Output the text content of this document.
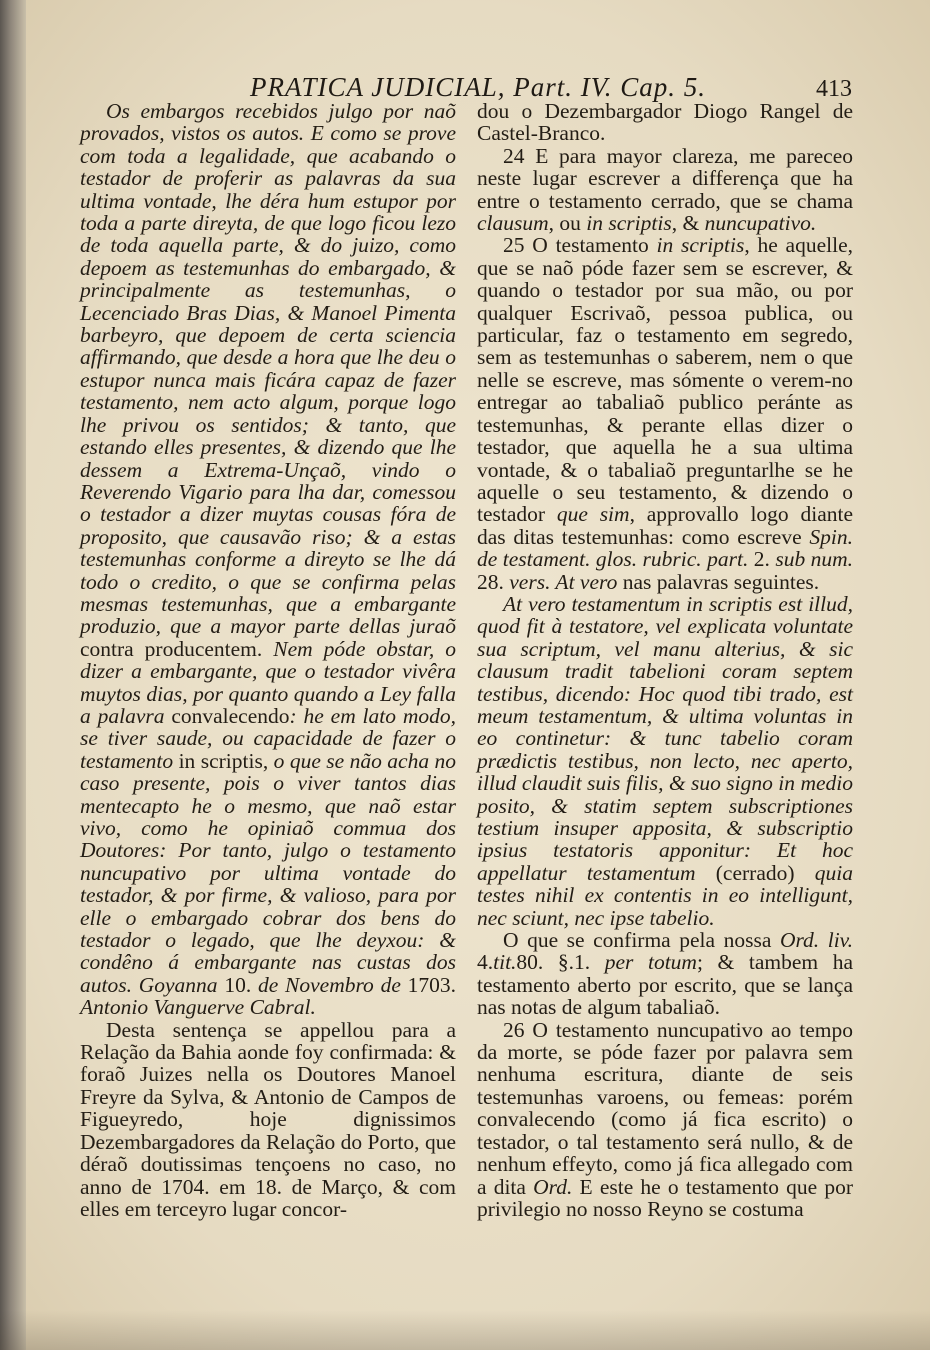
PRATICA JUDICIAL, Part. IV. Cap. 5.	413

Os embargos recebidos julgo por naõ provados, vistos os autos. E como se prove com toda a legalidade, que acabando o testador de proferir as palavras da sua ultima vontade, lhe déra hum estupor por toda a parte direyta, de que logo ficou lezo de toda aquella parte, & do juizo, como depoem as testemunhas do embargado, & principalmente as testemunhas, o Lecenciado Bras Dias, & Manoel Pimenta barbeyro, que depoem de certa sciencia affirmando, que desde a hora que lhe deu o estupor nunca mais ficára capaz de fazer testamento, nem acto algum, porque logo lhe privou os sentidos; & tanto, que estando elles presentes, & dizendo que lhe dessem a Extrema-Unçaõ, vindo o Reverendo Vigario para lha dar, comessou o testador a dizer muytas cousas fóra de proposito, que causavão riso; & a estas testemunhas conforme a direyto se lhe dá todo o credito, o que se confirma pelas mesmas testemunhas, que a embargante produzio, que a mayor parte dellas juraõ contra producentem. Nem póde obstar, o dizer a embargante, que o testador vivêra muytos dias, por quanto quando a Ley falla a palavra convalecendo: he em lato modo, se tiver saude, ou capacidade de fazer o testamento in scriptis, o que se não acha no caso presente, pois o viver tantos dias mentecapto he o mesmo, que naõ estar vivo, como he opiniaõ commua dos Doutores: Por tanto, julgo o testamento nuncupativo por ultima vontade do testador, & por firme, & valioso, para por elle o embargado cobrar dos bens do testador o legado, que lhe deyxou: & condêno á embargante nas custas dos autos. Goyanna 10. de Novembro de 1703. Antonio Vanguerve Cabral.

Desta sentença se appellou para a Relação da Bahia aonde foy confirmada: & foraõ Juizes nella os Doutores Manoel Freyre da Sylva, & Antonio de Campos de Figueyredo, hoje dignissimos Dezembargadores da Relação do Porto, que déraõ doutissimas tençoens no caso, no anno de 1704. em 18. de Março, & com elles em terceyro lugar concor-

dou o Dezembargador Diogo Rangel de Castel-Branco.

24 E para mayor clareza, me pareceo neste lugar escrever a differença que ha entre o testamento cerrado, que se chama clausum, ou in scriptis, & nuncupativo.

25 O testamento in scriptis, he aquelle, que se naõ póde fazer sem se escrever, & quando o testador por sua mão, ou por qualquer Escrivaõ, pessoa publica, ou particular, faz o testamento em segredo, sem as testemunhas o saberem, nem o que nelle se escreve, mas sómente o verem-no entregar ao tabaliaõ publico peránte as testemunhas, & perante ellas dizer o testador, que aquella he a sua ultima vontade, & o tabaliaõ preguntarlhe se he aquelle o seu testamento, & dizendo o testador que sim, approvallo logo diante das ditas testemunhas: como escreve Spin. de testament. glos. rubric. part. 2. sub num. 28. vers. At vero nas palavras seguintes.

At vero testamentum in scriptis est illud, quod fit à testatore, vel explicata voluntate sua scriptum, vel manu alterius, & sic clausum tradit tabelioni coram septem testibus, dicendo: Hoc quod tibi trado, est meum testamentum, & ultima voluntas in eo continetur: & tunc tabelio coram prædictis testibus, non lecto, nec aperto, illud claudit suis filis, & suo signo in medio posito, & statim septem subscriptiones testium insuper apposita, & subscriptio ipsius testatoris apponitur: Et hoc appellatur testamentum (cerrado) quia testes nihil ex contentis in eo intelligunt, nec sciunt, nec ipse tabelio.

O que se confirma pela nossa Ord. liv. 4.tit.80. §.1. per totum; & tambem ha testamento aberto por escrito, que se lança nas notas de algum tabaliaõ.

26 O testamento nuncupativo ao tempo da morte, se póde fazer por palavra sem nenhuma escritura, diante de seis testemunhas varoens, ou femeas: porém convalecendo (como já fica escrito) o testador, o tal testamento será nullo, & de nenhum effeyto, como já fica allegado com a dita Ord. E este he o testamento que por privilegio no nosso Reyno se costuma
